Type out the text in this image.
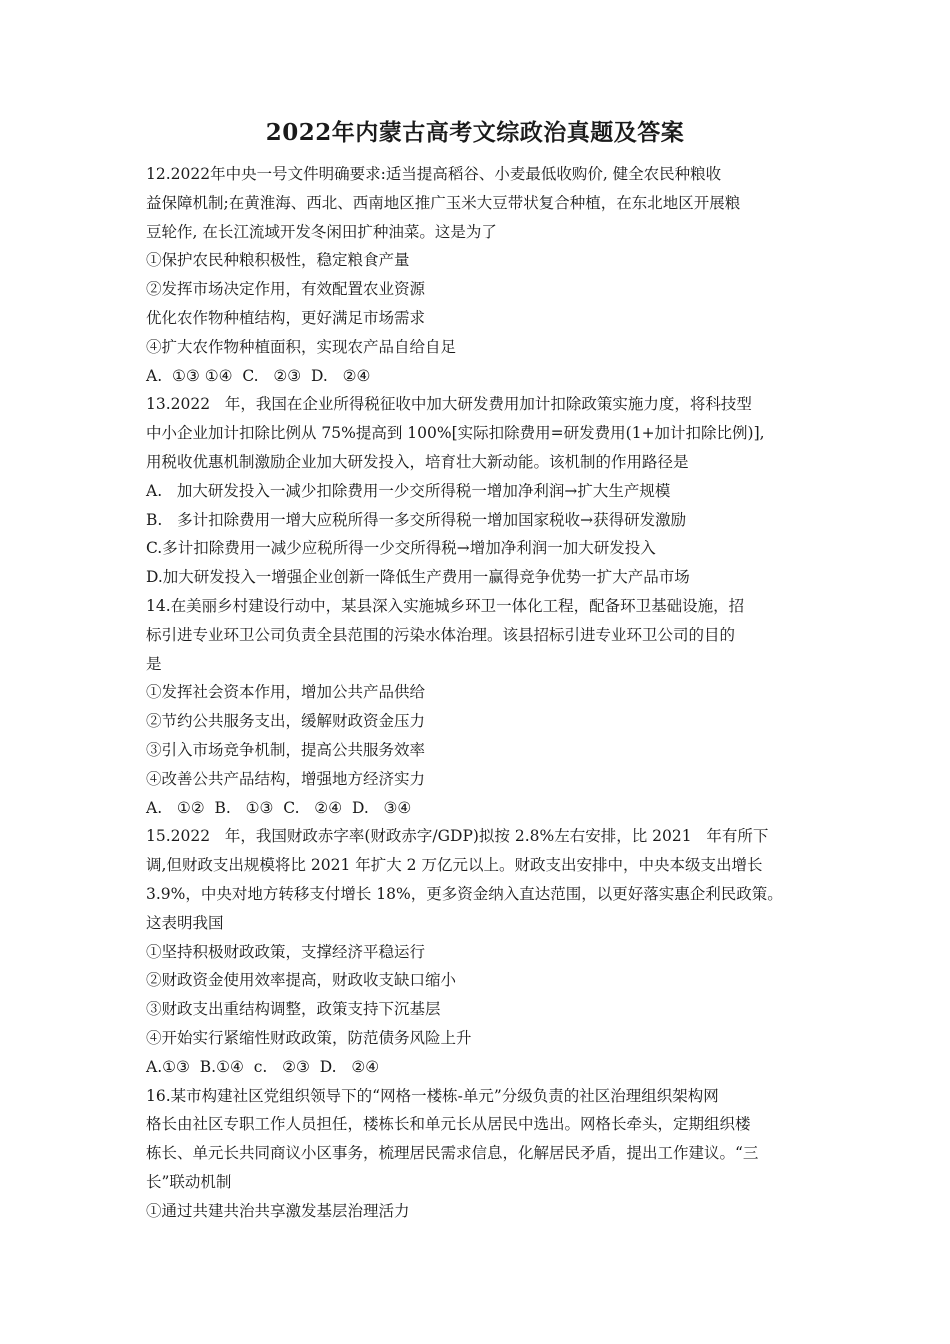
2022年内蒙古高考文综政治真题及答案
12.2022年中央一号文件明确要求:适当提高稻谷、小麦最低收购价, 健全农民种粮收
益保障机制;在黄淮海、西北、西南地区推广玉米大豆带状复合种植，在东北地区开展粮
豆轮作, 在长江流域开发冬闲田扩种油菜。这是为了
①保护农民种粮积极性，稳定粮食产量
②发挥市场决定作用，有效配置农业资源
优化农作物种植结构，更好满足市场需求
④扩大农作物种植面积，实现农产品自给自足
A.  ①③ ①④  C.   ②③  D.   ②④
13.2022   年，我国在企业所得税征收中加大研发费用加计扣除政策实施力度，将科技型
中小企业加计扣除比例从 75%提高到 100%[实际扣除费用=研发费用(1+加计扣除比例)],
用税收优惠机制激励企业加大研发投入，培育壮大新动能。该机制的作用路径是
A.   加大研发投入一减少扣除费用一少交所得税一增加净利润→扩大生产规模
B.   多计扣除费用一增大应税所得一多交所得税一增加国家税收→获得研发激励
C.多计扣除费用一减少应税所得一少交所得税→增加净利润一加大研发投入
D.加大研发投入一增强企业创新一降低生产费用一赢得竞争优势一扩大产品市场
14.在美丽乡村建设行动中，某县深入实施城乡环卫一体化工程，配备环卫基础设施，招
标引进专业环卫公司负责全县范围的污染水体治理。该县招标引进专业环卫公司的目的
是
①发挥社会资本作用，增加公共产品供给
②节约公共服务支出，缓解财政资金压力
③引入市场竞争机制，提高公共服务效率
④改善公共产品结构，增强地方经济实力
A.   ①②  B.   ①③  C.   ②④  D.   ③④
15.2022   年，我国财政赤字率(财政赤字/GDP)拟按 2.8%左右安排，比 2021   年有所下
调,但财政支出规模将比 2021 年扩大 2 万亿元以上。财政支出安排中，中央本级支出增长
3.9%，中央对地方转移支付增长 18%，更多资金纳入直达范围，以更好落实惠企利民政策。
这表明我国
①坚持积极财政政策，支撑经济平稳运行
②财政资金使用效率提高，财政收支缺口缩小
③财政支出重结构调整，政策支持下沉基层
④开始实行紧缩性财政政策，防范债务风险上升
A.①③  B.①④  c.   ②③  D.   ②④
16.某市构建社区党组织领导下的“网格一楼栋-单元”分级负责的社区治理组织架构网
格长由社区专职工作人员担任，楼栋长和单元长从居民中选出。网格长牵头，定期组织楼
栋长、单元长共同商议小区事务，梳理居民需求信息，化解居民矛盾，提出工作建议。“三
长”联动机制
①通过共建共治共享激发基层治理活力
